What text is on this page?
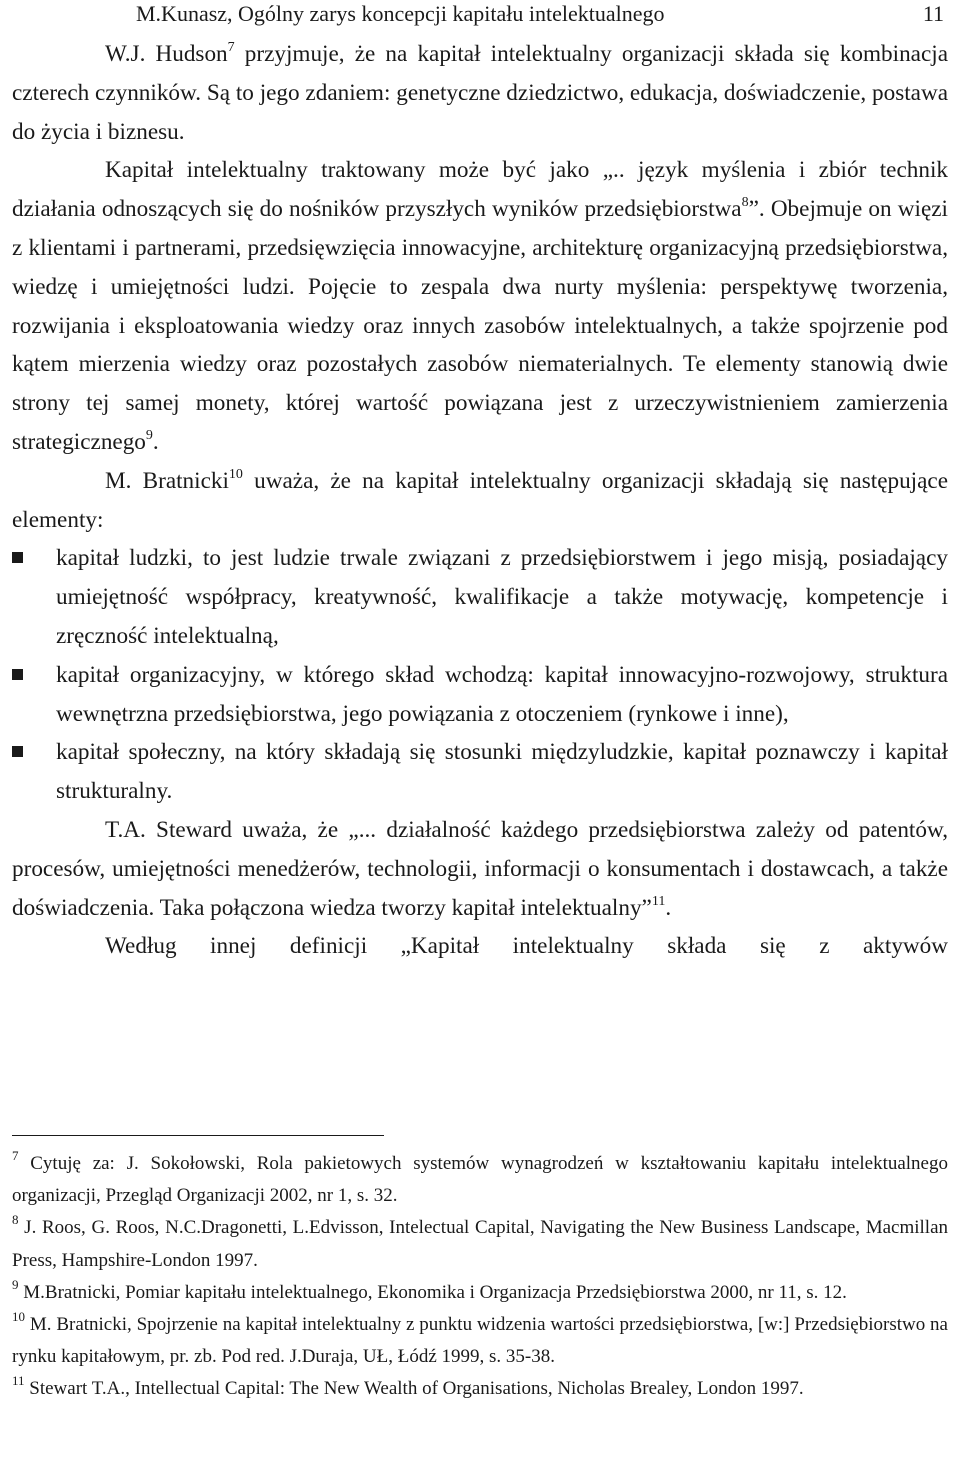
M.Kunasz, Ogólny zarys koncepcji kapitału intelektualnego	11

W.J. Hudson$^7$ przyjmuje, że na kapitał intelektualny organizacji składa się kombinacja czterech czynników. Są to jego zdaniem: genetyczne dziedzictwo, edukacja, doświadczenie, postawa do życia i biznesu.

Kapitał intelektualny traktowany może być jako „.. język myślenia i zbiór technik działania odnoszących się do nośników przyszłych wyników przedsiębiorstwa$^8$”. Obejmuje on więzi z klientami i partnerami, przedsięwzięcia innowacyjne, architekturę organizacyjną przedsiębiorstwa, wiedzę i umiejętności ludzi. Pojęcie to zespala dwa nurty myślenia: perspektywę tworzenia, rozwijania i eksploatowania wiedzy oraz innych zasobów intelektualnych, a także spojrzenie pod kątem mierzenia wiedzy oraz pozostałych zasobów niematerialnych. Te elementy stanowią dwie strony tej samej monety, której wartość powiązana jest z urzeczywistnieniem zamierzenia strategicznego$^9$.

M. Bratnicki$^{10}$ uważa, że na kapitał intelektualny organizacji składają się następujące elementy:

kapitał ludzki, to jest ludzie trwale związani z przedsiębiorstwem i jego misją, posiadający umiejętność współpracy, kreatywność, kwalifikacje a także motywację, kompetencje i zręczność intelektualną,
kapitał organizacyjny, w którego skład wchodzą: kapitał innowacyjno-rozwojowy, struktura wewnętrzna przedsiębiorstwa, jego powiązania z otoczeniem (rynkowe i inne),
kapitał społeczny, na który składają się stosunki międzyludzkie, kapitał poznawczy i kapitał strukturalny.

T.A. Steward uważa, że „... działalność każdego przedsiębiorstwa zależy od patentów, procesów, umiejętności menedżerów, technologii, informacji o konsumentach i dostawcach, a także doświadczenia. Taka połączona wiedza tworzy kapitał intelektualny”$^{11}$.

Według innej definicji „Kapitał intelektualny składa się z aktywów

$^7$ Cytuję za: J. Sokołowski, Rola pakietowych systemów wynagrodzeń w kształtowaniu kapitału intelektualnego organizacji, Przegląd Organizacji 2002, nr 1, s. 32.

$^8$ J. Roos, G. Roos, N.C.Dragonetti, L.Edvisson, Intelectual Capital, Navigating the New Business Landscape, Macmillan Press, Hampshire-London 1997.

$^9$ M.Bratnicki, Pomiar kapitału intelektualnego, Ekonomika i Organizacja Przedsiębiorstwa 2000, nr 11, s. 12.

$^{10}$ M. Bratnicki, Spojrzenie na kapitał intelektualny z punktu widzenia wartości przedsiębiorstwa, [w:] Przedsiębiorstwo na rynku kapitałowym, pr. zb. Pod red. J.Duraja, UŁ, Łódź 1999, s. 35-38.

$^{11}$ Stewart T.A., Intellectual Capital: The New Wealth of Organisations, Nicholas Brealey, London 1997.
